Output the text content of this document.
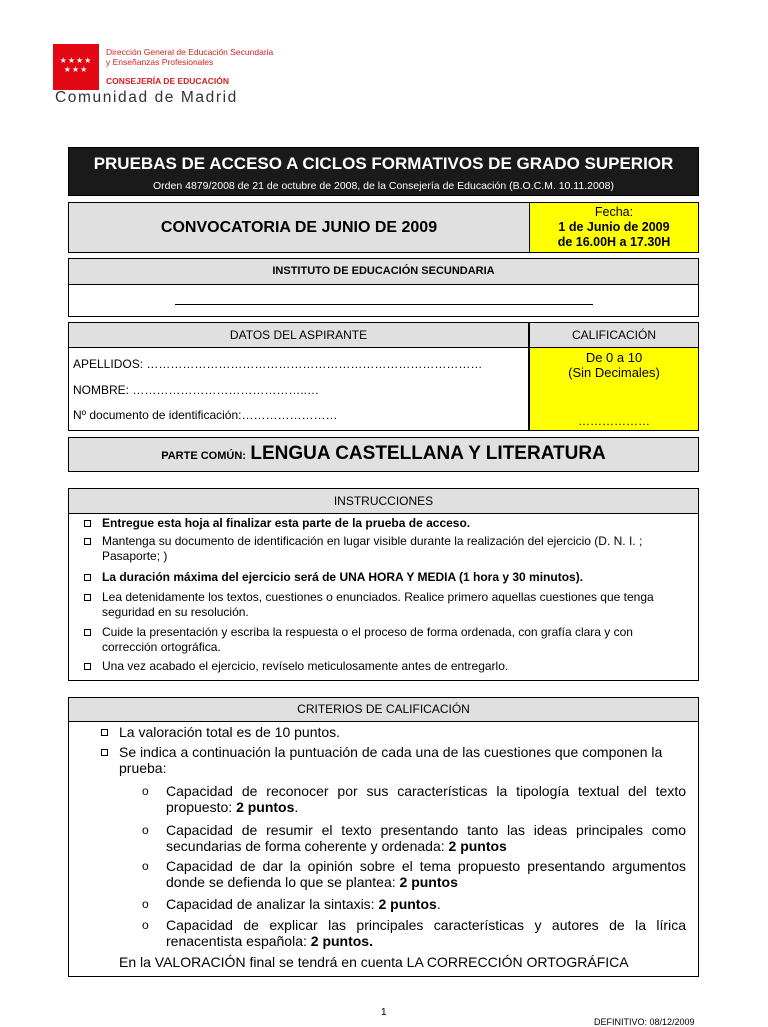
★★★★
★★★
Dirección General de Educación Secundaria
y Enseñanzas Profesionales
CONSEJERÍA DE EDUCACIÓN
Comunidad de Madrid
PRUEBAS DE ACCESO A CICLOS FORMATIVOS DE GRADO SUPERIOR
Orden 4879/2008 de 21 de octubre de 2008, de la Consejería de Educación (B.O.C.M. 10.11.2008)
CONVOCATORIA DE JUNIO DE 2009
Fecha:
1 de Junio de 2009
de 16.00H a 17.30H
INSTITUTO DE EDUCACIÓN SECUNDARIA
DATOS DEL ASPIRANTE	CALIFICACIÓN
APELLIDOS: …………………………………………………………………………
NOMBRE: ……………………………………..…
Nº documento de identificación:……………………
De 0 a 10
(Sin Decimales)
………………
PARTE COMÚN: LENGUA CASTELLANA Y LITERATURA
INSTRUCCIONES
Entregue esta hoja al finalizar esta parte de la prueba de acceso.
Mantenga su documento de identificación en lugar visible durante la realización del ejercicio (D. N. I. ; Pasaporte; )
La duración máxima del ejercicio será de UNA HORA Y MEDIA (1 hora y 30 minutos).
Lea detenidamente los textos, cuestiones o enunciados. Realice primero aquellas cuestiones que tenga seguridad en su resolución.
Cuide la presentación y escriba la respuesta o el proceso de forma ordenada, con grafía clara y con corrección ortográfica.
Una vez acabado el ejercicio, revíselo meticulosamente antes de entregarlo.
CRITERIOS DE CALIFICACIÓN
La valoración total es de 10 puntos.
Se indica a continuación la puntuación de cada una de las cuestiones que componen la prueba:
o Capacidad de reconocer por sus características la tipología textual del texto propuesto: 2 puntos.
o Capacidad de resumir el texto presentando tanto las ideas principales como secundarias de forma coherente y ordenada: 2 puntos
o Capacidad de dar la opinión sobre el tema propuesto presentando argumentos donde se defienda lo que se plantea: 2 puntos
o Capacidad de analizar la sintaxis: 2 puntos.
o Capacidad de explicar las principales características y autores de la lírica renacentista española: 2 puntos.
En la VALORACIÓN final se tendrá en cuenta LA CORRECCIÓN ORTOGRÁFICA
1
DEFINITIVO: 08/12/2009
